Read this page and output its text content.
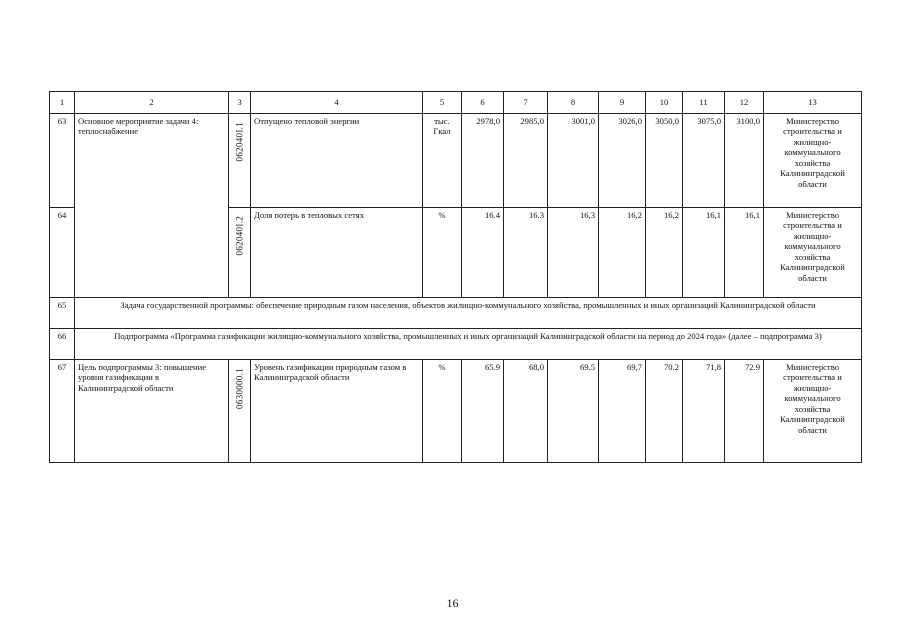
1	2	3	4	5	6	7	8	9	10	11	12	13
63	Основное мероприятие задачи 4: теплоснабжение	062040I.1	Отпущено тепловой энергии	тыс. Гкал	2978,0	2985,0	3001,0	3026,0	3050,0	3075,0	3100,0	Министерство строительства и жилищно-коммунального хозяйства Калининградской области
64		062040I.2	Доля потерь в тепловых сетях	%	16.4	16.3	16,3	16,2	16,2	16,1	16,1	Министерство строительства и жилищно-коммунального хозяйства Калининградской области
65	Задача государственной программы: обеспечение природным газом населения, объектов жилищно-коммунального хозяйства, промышленных и иных организаций Калининградской области											
66	Подпрограмма «Программа газификации жилищно-коммунального хозяйства, промышленных и иных организаций Калининградской области на период до 2024 года» (далее – подпрограмма 3)											
67	Цель подпрограммы 3: повышение уровня газификации в Калининградской области	0630000.1	Уровень газификации природным газом в Калининградской области	%	65.9	68,0	69.5	69,7	70.2	71,8	72.9	Министерство строительства и жилищно-коммунального хозяйства Калининградской области
16
